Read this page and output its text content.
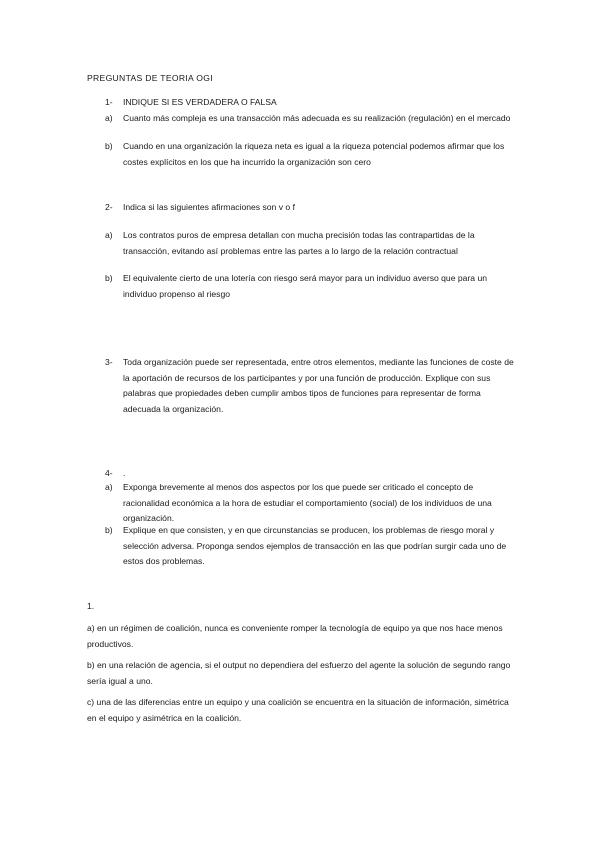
PREGUNTAS DE TEORIA OGI
1- INDIQUE SI ES VERDADERA O FALSA
a) Cuanto más compleja es una transacción más adecuada es su realización (regulación) en el mercado
b) Cuando en una organización la riqueza neta es igual a la riqueza potencial podemos afirmar que los costes explícitos en los que ha incurrido la organización son cero
2- Indica si las siguientes afirmaciones son v o f
a) Los contratos puros de empresa detallan con mucha precisión todas las contrapartidas de la transacción, evitando así problemas entre las partes a lo largo de la relación contractual
b) El equivalente cierto de una lotería con riesgo será mayor para un individuo averso que para un individuo propenso al riesgo
3- Toda organización puede ser representada, entre otros elementos, mediante las funciones de coste de la aportación de recursos de los participantes y por una función de producción. Explique con sus palabras que propiedades deben cumplir ambos tipos de funciones para representar de forma adecuada la organización.
4- .
a) Exponga brevemente al menos dos aspectos por los que puede ser criticado el concepto de racionalidad económica a la hora de estudiar el comportamiento (social) de los individuos de una organización.
b) Explique en que consisten, y en que circunstancias se producen, los problemas de riesgo moral y selección adversa. Proponga sendos ejemplos de transacción en las que podrían surgir cada uno de estos dos problemas.
1.
a) en un régimen de coalición, nunca es conveniente romper la tecnología de equipo ya que nos hace menos productivos.
b) en una relación de agencia, si el output no dependiera del esfuerzo del agente la solución de segundo rango sería igual a uno.
c) una de las diferencias entre un equipo y una coalición se encuentra en la situación de información, simétrica en el equipo y asimétrica en la coalición.
